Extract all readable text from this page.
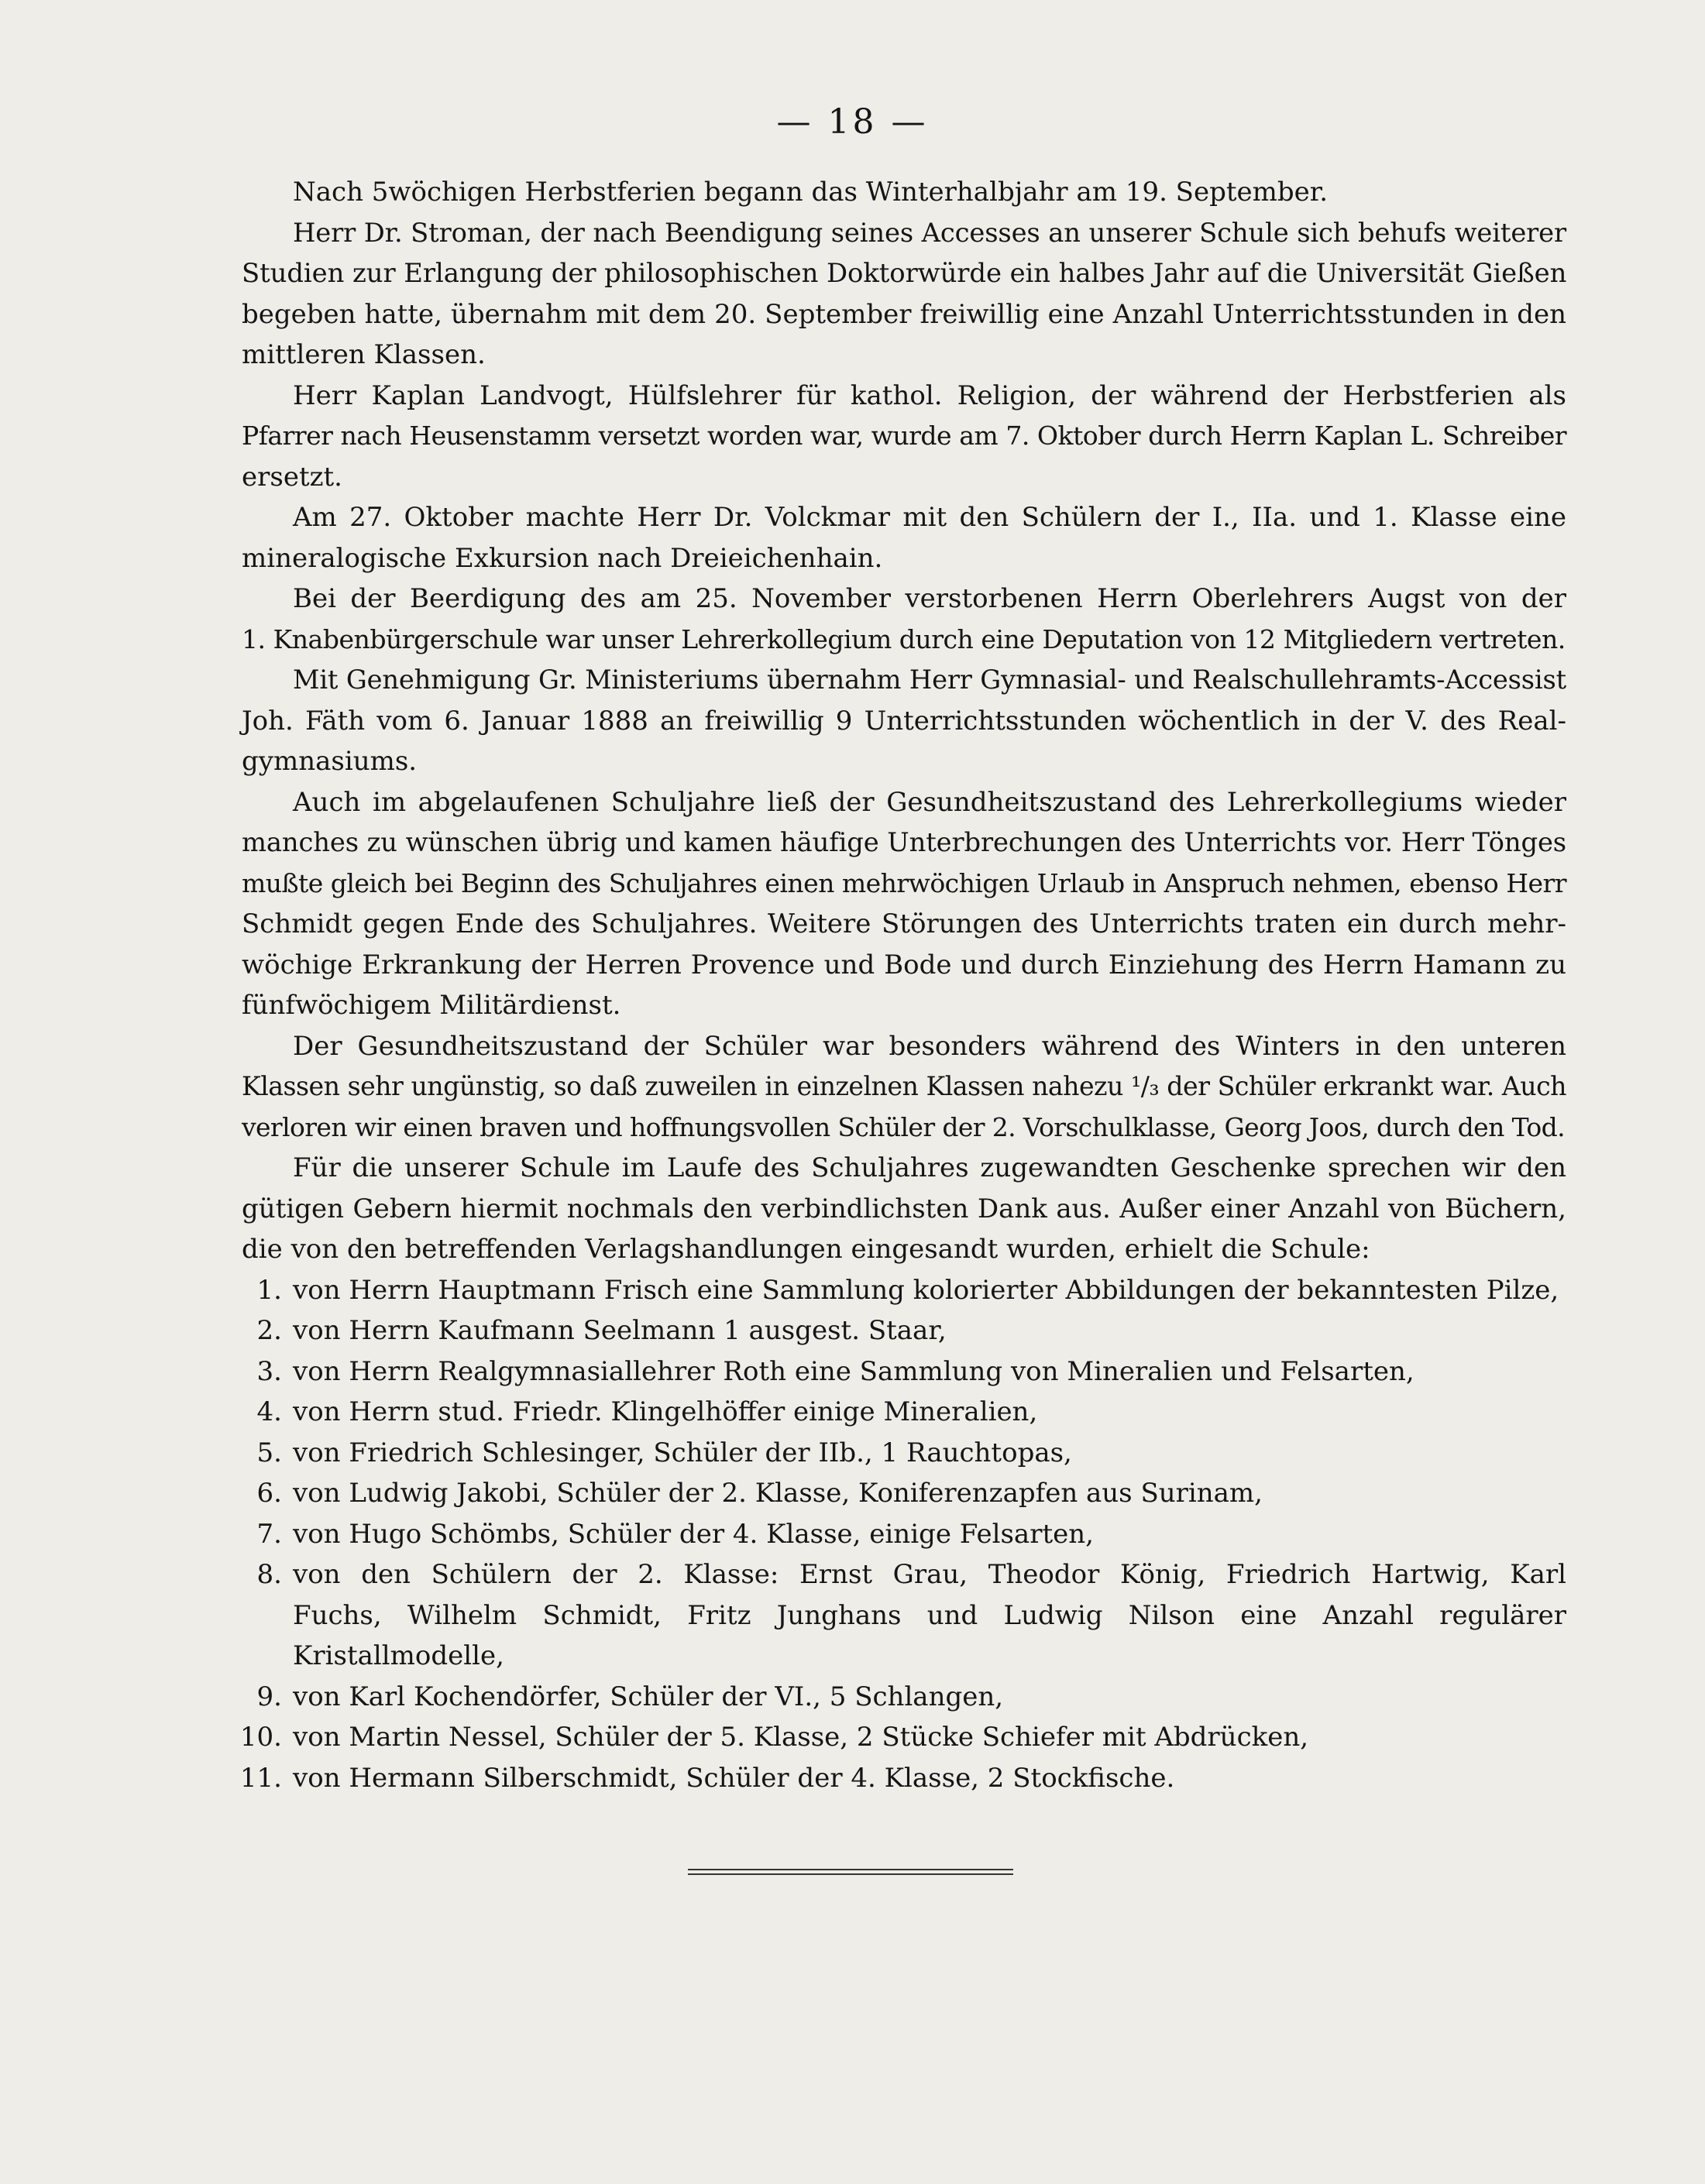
— 18 —
Nach 5wöchigen Herbstferien begann das Winterhalbjahr am 19. September.
Herr Dr. Stroman, der nach Beendigung seines Accesses an unserer Schule sich behufs weiterer
Studien zur Erlangung der philosophischen Doktorwürde ein halbes Jahr auf die Universität Gießen
begeben hatte, übernahm mit dem 20. September freiwillig eine Anzahl Unterrichtsstunden in den
mittleren Klassen.
Herr Kaplan Landvogt, Hülfslehrer für kathol. Religion, der während der Herbstferien als
Pfarrer nach Heusenstamm versetzt worden war, wurde am 7. Oktober durch Herrn Kaplan L. Schreiber
ersetzt.
Am 27. Oktober machte Herr Dr. Volckmar mit den Schülern der I., IIa. und 1. Klasse eine
mineralogische Exkursion nach Dreieichenhain.
Bei der Beerdigung des am 25. November verstorbenen Herrn Oberlehrers Augst von der
1. Knabenbürgerschule war unser Lehrerkollegium durch eine Deputation von 12 Mitgliedern vertreten.
Mit Genehmigung Gr. Ministeriums übernahm Herr Gymnasial- und Realschullehramts-Accessist
Joh. Fäth vom 6. Januar 1888 an freiwillig 9 Unterrichtsstunden wöchentlich in der V. des Real-
gymnasiums.
Auch im abgelaufenen Schuljahre ließ der Gesundheitszustand des Lehrerkollegiums wieder
manches zu wünschen übrig und kamen häufige Unterbrechungen des Unterrichts vor. Herr Tönges
mußte gleich bei Beginn des Schuljahres einen mehrwöchigen Urlaub in Anspruch nehmen, ebenso Herr
Schmidt gegen Ende des Schuljahres. Weitere Störungen des Unterrichts traten ein durch mehr-
wöchige Erkrankung der Herren Provence und Bode und durch Einziehung des Herrn Hamann zu
fünfwöchigem Militärdienst.
Der Gesundheitszustand der Schüler war besonders während des Winters in den unteren
Klassen sehr ungünstig, so daß zuweilen in einzelnen Klassen nahezu ¹/₃ der Schüler erkrankt war. Auch
verloren wir einen braven und hoffnungsvollen Schüler der 2. Vorschulklasse, Georg Joos, durch den Tod.
Für die unserer Schule im Laufe des Schuljahres zugewandten Geschenke sprechen wir den
gütigen Gebern hiermit nochmals den verbindlichsten Dank aus. Außer einer Anzahl von Büchern,
die von den betreffenden Verlagshandlungen eingesandt wurden, erhielt die Schule:
1. von Herrn Hauptmann Frisch eine Sammlung kolorierter Abbildungen der bekanntesten Pilze,
2. von Herrn Kaufmann Seelmann 1 ausgest. Staar,
3. von Herrn Realgymnasiallehrer Roth eine Sammlung von Mineralien und Felsarten,
4. von Herrn stud. Friedr. Klingelhöffer einige Mineralien,
5. von Friedrich Schlesinger, Schüler der IIb., 1 Rauchtopas,
6. von Ludwig Jakobi, Schüler der 2. Klasse, Koniferenzapfen aus Surinam,
7. von Hugo Schömbs, Schüler der 4. Klasse, einige Felsarten,
8. von den Schülern der 2. Klasse: Ernst Grau, Theodor König, Friedrich Hartwig, Karl
Fuchs, Wilhelm Schmidt, Fritz Junghans und Ludwig Nilson eine Anzahl regulärer
Kristallmodelle,
9. von Karl Kochendörfer, Schüler der VI., 5 Schlangen,
10. von Martin Nessel, Schüler der 5. Klasse, 2 Stücke Schiefer mit Abdrücken,
11. von Hermann Silberschmidt, Schüler der 4. Klasse, 2 Stockfische.
